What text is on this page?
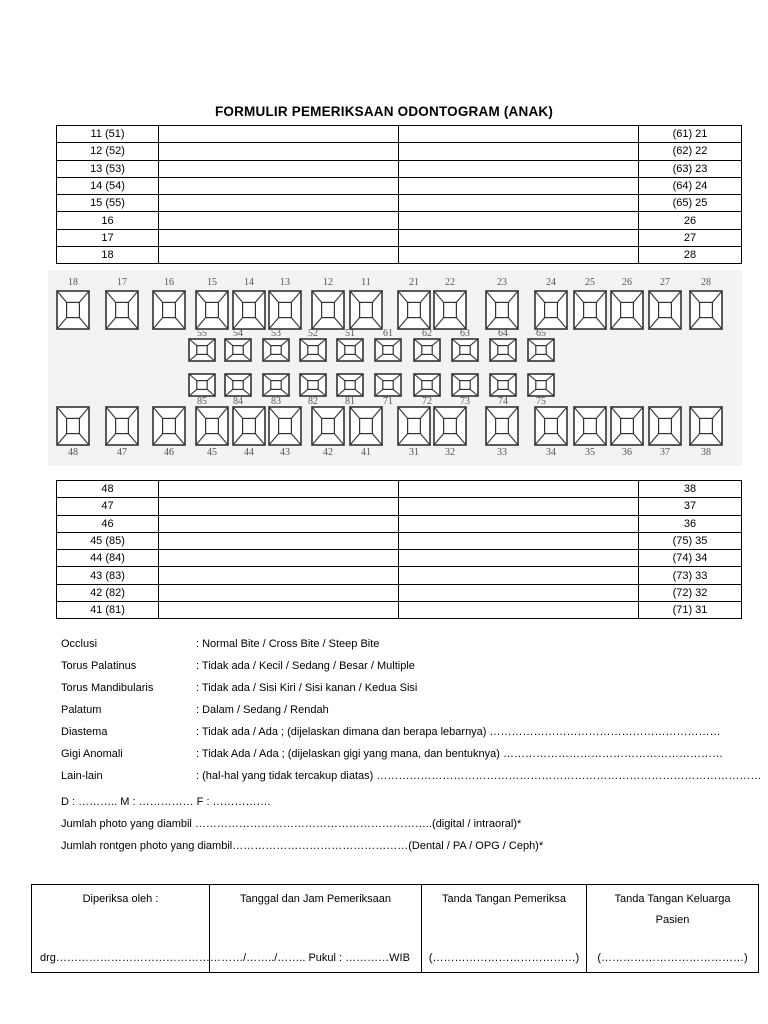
FORMULIR PEMERIKSAAN ODONTOGRAM (ANAK)
11 (51)			(61) 21
12 (52)			(62) 22
13 (53)			(63) 23
14 (54)			(64) 24
15 (55)			(65) 25
16			26
17			27
18			28
18	17	16	15	14	13	12	11	21	22	23	24	25	26	27	28
55	54	53	52	51	61	62	63	64	65
85	84	83	82	81	71	72	73	74	75
48	47	46	45	44	43	42	41	31	32	33	34	35	36	37	38
48			38
47			37
46			36
45 (85)			(75) 35
44 (84)			(74) 34
43 (83)			(73) 33
42 (82)			(72) 32
41 (81)			(71) 31
Occlusi	: Normal Bite / Cross Bite / Steep Bite
Torus Palatinus	: Tidak ada / Kecil / Sedang / Besar / Multiple
Torus Mandibularis	: Tidak ada / Sisi Kiri / Sisi kanan / Kedua Sisi
Palatum	: Dalam / Sedang / Rendah
Diastema	: Tidak ada / Ada ; (dijelaskan dimana dan berapa lebarnya) ………………………………………………………
Gigi Anomali	: Tidak Ada / Ada ; (dijelaskan gigi yang mana, dan bentuknya) ……………………………………………………
Lain-lain	: (hal-hal yang tidak tercakup diatas) ……………………………………………………………………………………………
D : ……….. M : …………… F : …………….
Jumlah photo yang diambil ………………………………………………………..(digital / intraoral)*
Jumlah rontgen photo yang diambil…………………………………………(Dental / PA / OPG / Ceph)*
Diperiksa oleh :
drg………………………………………

Tanggal dan Jam Pemeriksaan
……/……../…….. Pukul : …………WIB

Tanda Tangan Pemeriksa
(…………………………………)

Tanda Tangan Keluarga Pasien
(…………………………………)
